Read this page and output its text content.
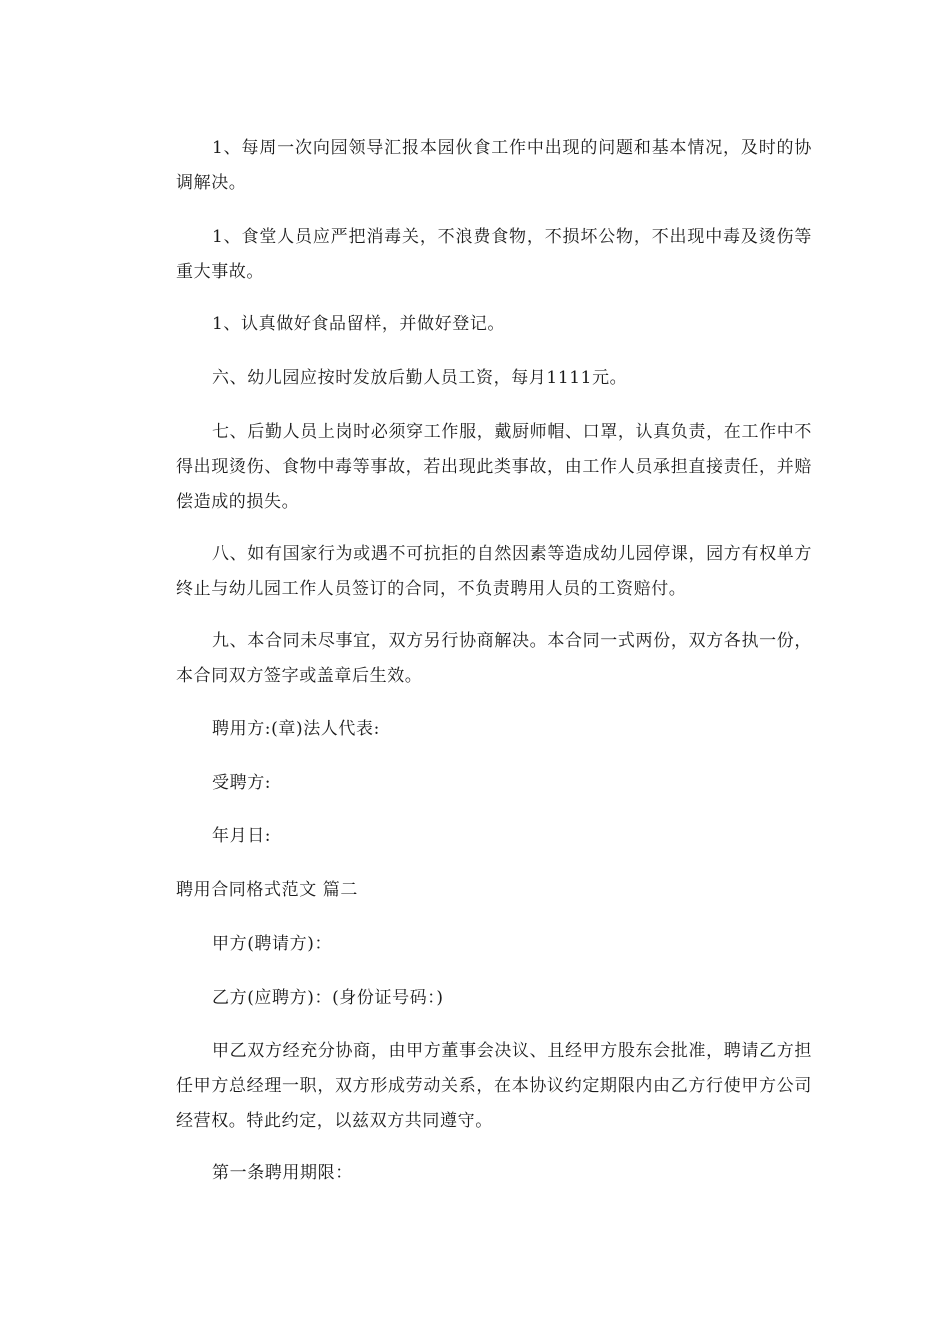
1、每周一次向园领导汇报本园伙食工作中出现的问题和基本情况，及时的协调解决。

1、食堂人员应严把消毒关，不浪费食物，不损坏公物，不出现中毒及烫伤等重大事故。

1、认真做好食品留样，并做好登记。

六、幼儿园应按时发放后勤人员工资，每月1111元。

七、后勤人员上岗时必须穿工作服，戴厨师帽、口罩，认真负责，在工作中不得出现烫伤、食物中毒等事故，若出现此类事故，由工作人员承担直接责任，并赔偿造成的损失。

八、如有国家行为或遇不可抗拒的自然因素等造成幼儿园停课，园方有权单方终止与幼儿园工作人员签订的合同，不负责聘用人员的工资赔付。

九、本合同未尽事宜，双方另行协商解决。本合同一式两份，双方各执一份，本合同双方签字或盖章后生效。

聘用方:(章)法人代表:

受聘方:

年月日:

聘用合同格式范文 篇二

甲方(聘请方)：

乙方(应聘方)：(身份证号码：)

甲乙双方经充分协商，由甲方董事会决议、且经甲方股东会批准，聘请乙方担任甲方总经理一职，双方形成劳动关系，在本协议约定期限内由乙方行使甲方公司经营权。特此约定，以兹双方共同遵守。

第一条聘用期限：
